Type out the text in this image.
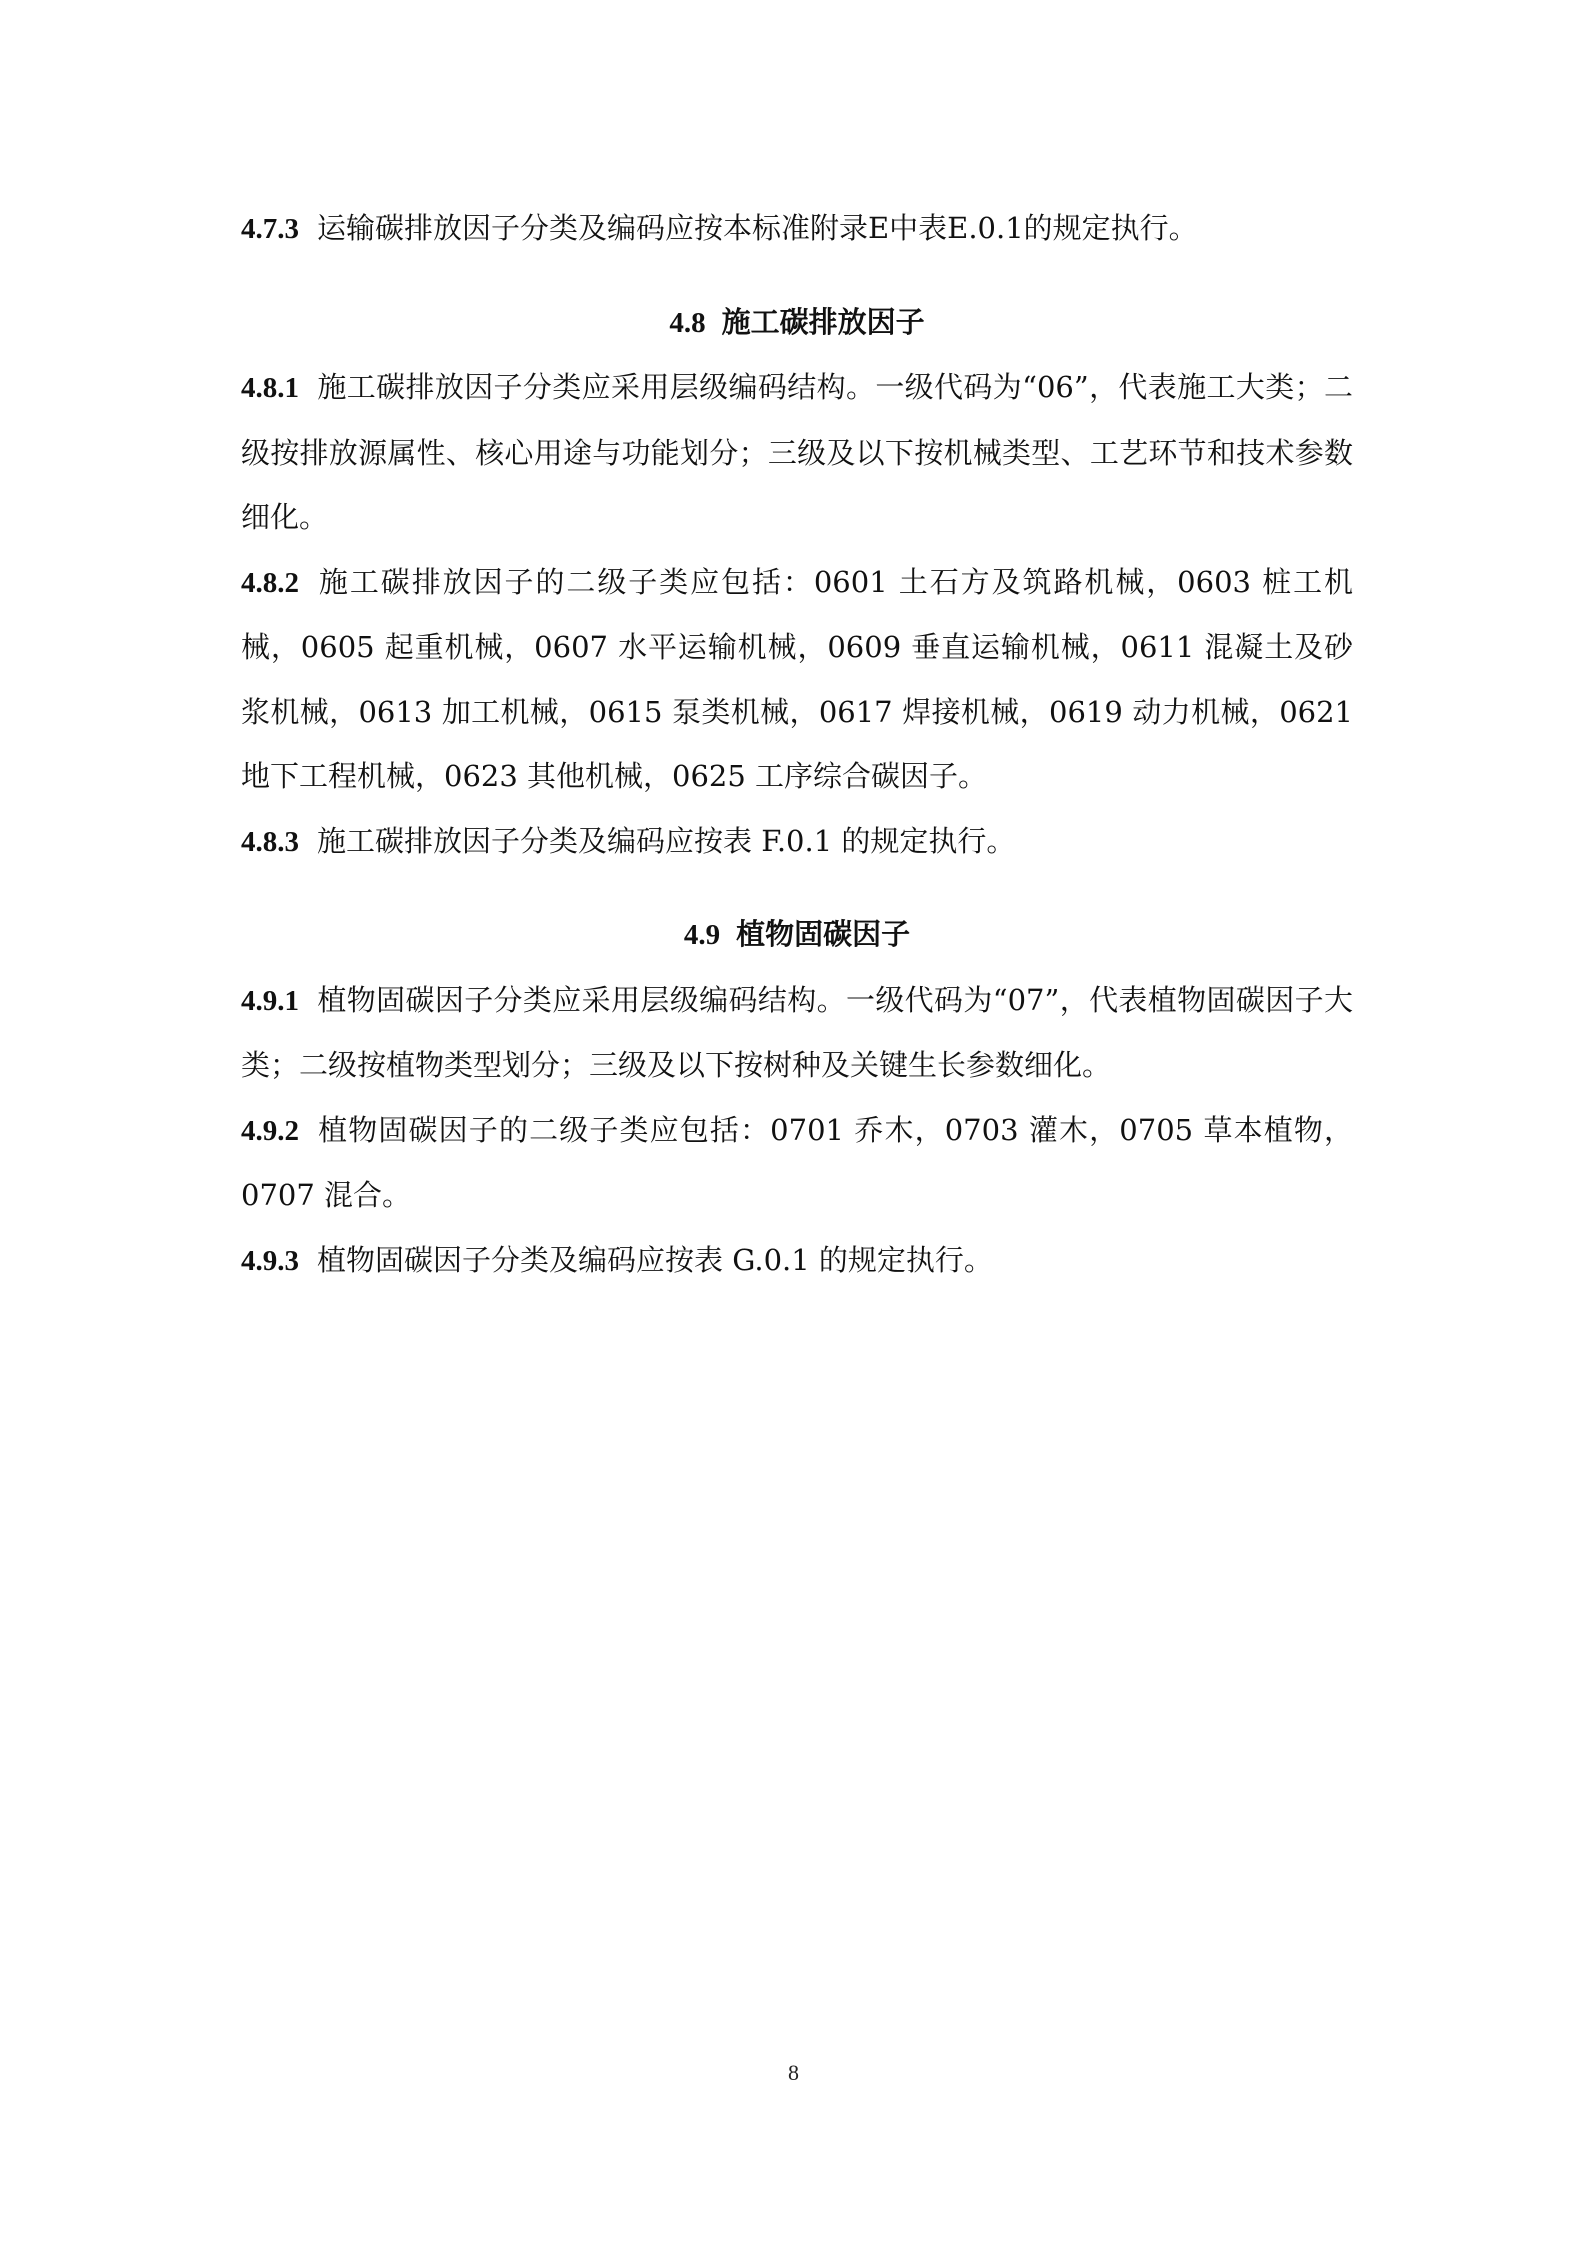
4.7.3 运输碳排放因子分类及编码应按本标准附录E中表E.0.1的规定执行。

4.8 施工碳排放因子

4.8.1 施工碳排放因子分类应采用层级编码结构。一级代码为“06”，代表施工大类；二级按排放源属性、核心用途与功能划分；三级及以下按机械类型、工艺环节和技术参数细化。

4.8.2 施工碳排放因子的二级子类应包括：0601 土石方及筑路机械，0603 桩工机械，0605 起重机械，0607 水平运输机械，0609 垂直运输机械，0611 混凝土及砂浆机械，0613 加工机械，0615 泵类机械，0617 焊接机械，0619 动力机械，0621 地下工程机械，0623 其他机械，0625 工序综合碳因子。

4.8.3 施工碳排放因子分类及编码应按表 F.0.1 的规定执行。

4.9 植物固碳因子

4.9.1 植物固碳因子分类应采用层级编码结构。一级代码为“07”，代表植物固碳因子大类；二级按植物类型划分；三级及以下按树种及关键生长参数细化。

4.9.2 植物固碳因子的二级子类应包括：0701 乔木，0703 灌木，0705 草本植物，0707 混合。

4.9.3 植物固碳因子分类及编码应按表 G.0.1 的规定执行。

8
